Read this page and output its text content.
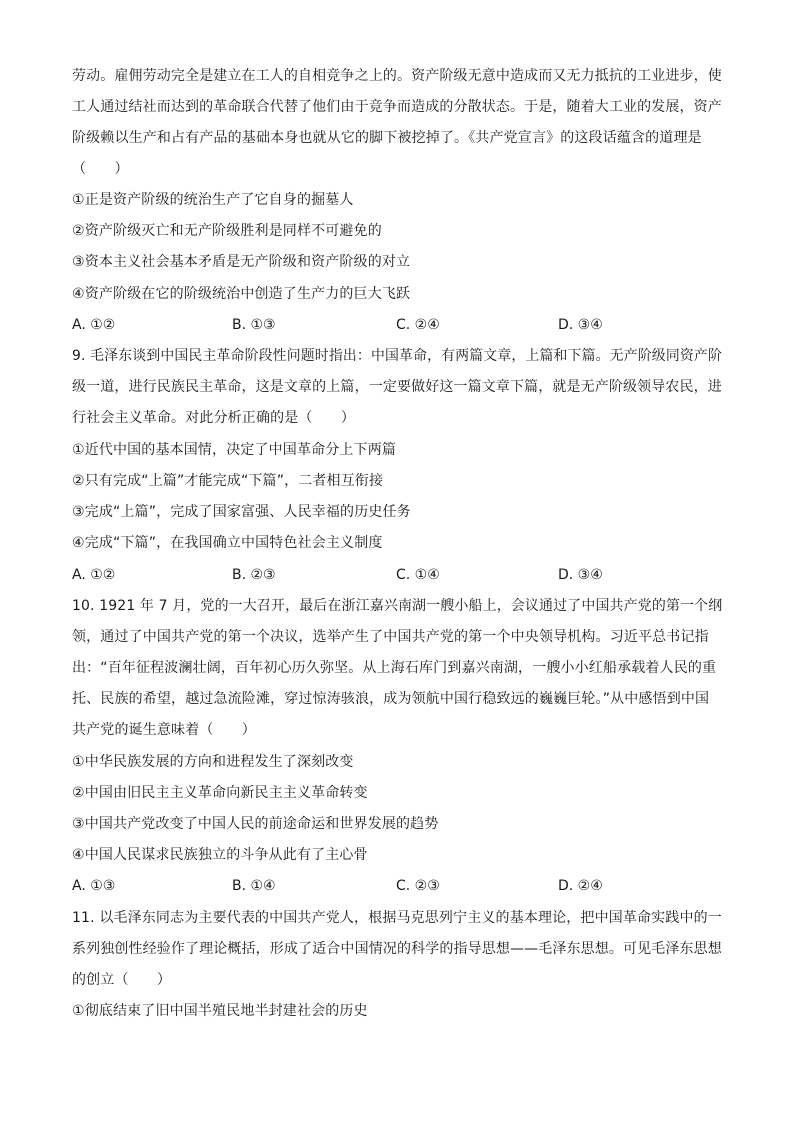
劳动。雇佣劳动完全是建立在工人的自相竞争之上的。资产阶级无意中造成而又无力抵抗的工业进步，使
工人通过结社而达到的革命联合代替了他们由于竞争而造成的分散状态。于是，随着大工业的发展，资产
阶级赖以生产和占有产品的基础本身也就从它的脚下被挖掉了。《共产党宣言》的这段话蕴含的道理是
（　　）
①正是资产阶级的统治生产了它自身的掘墓人
②资产阶级灭亡和无产阶级胜利是同样不可避免的
③资本主义社会基本矛盾是无产阶级和资产阶级的对立
④资产阶级在它的阶级统治中创造了生产力的巨大飞跃
A. ①②	B. ①③	C. ②④	D. ③④
9. 毛泽东谈到中国民主革命阶段性问题时指出：中国革命，有两篇文章，上篇和下篇。无产阶级同资产阶
级一道，进行民族民主革命，这是文章的上篇，一定要做好这一篇文章下篇，就是无产阶级领导农民，进
行社会主义革命。对此分析正确的是（　　）
①近代中国的基本国情，决定了中国革命分上下两篇
②只有完成“上篇”才能完成“下篇”，二者相互衔接
③完成“上篇”，完成了国家富强、人民幸福的历史任务
④完成“下篇”，在我国确立中国特色社会主义制度
A. ①②	B. ②③	C. ①④	D. ③④
10. 1921 年 7 月，党的一大召开，最后在浙江嘉兴南湖一艘小船上，会议通过了中国共产党的第一个纲
领，通过了中国共产党的第一个决议，选举产生了中国共产党的第一个中央领导机构。习近平总书记指
出：“百年征程波澜壮阔，百年初心历久弥坚。从上海石库门到嘉兴南湖，一艘小小红船承载着人民的重
托、民族的希望，越过急流险滩，穿过惊涛骇浪，成为领航中国行稳致远的巍巍巨轮。”从中感悟到中国
共产党的诞生意味着（　　）
①中华民族发展的方向和进程发生了深刻改变
②中国由旧民主主义革命向新民主主义革命转变
③中国共产党改变了中国人民的前途命运和世界发展的趋势
④中国人民谋求民族独立的斗争从此有了主心骨
A. ①③	B. ①④	C. ②③	D. ②④
11. 以毛泽东同志为主要代表的中国共产党人，根据马克思列宁主义的基本理论，把中国革命实践中的一
系列独创性经验作了理论概括，形成了适合中国情况的科学的指导思想——毛泽东思想。可见毛泽东思想
的创立（　　）
①彻底结束了旧中国半殖民地半封建社会的历史
